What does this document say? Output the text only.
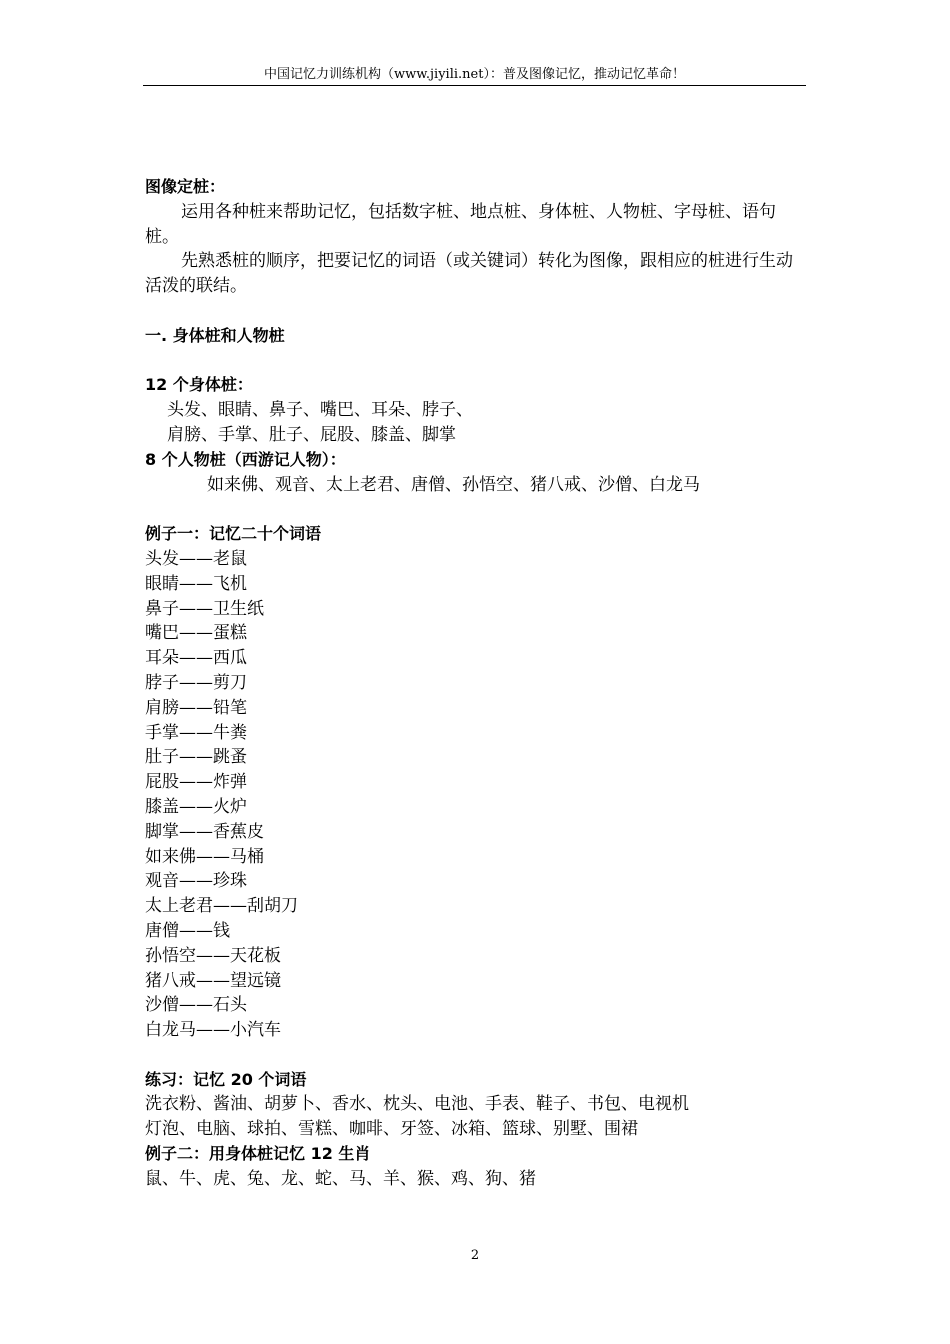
中国记忆力训练机构（www.jiyili.net）：普及图像记忆，推动记忆革命！

图像定桩：

运用各种桩来帮助记忆，包括数字桩、地点桩、身体桩、人物桩、字母桩、语句桩。

先熟悉桩的顺序，把要记忆的词语（或关键词）转化为图像，跟相应的桩进行生动活泼的联结。

一. 身体桩和人物桩

12 个身体桩：

头发、眼睛、鼻子、嘴巴、耳朵、脖子、

肩膀、手掌、肚子、屁股、膝盖、脚掌

8 个人物桩（西游记人物）：

如来佛、观音、太上老君、唐僧、孙悟空、猪八戒、沙僧、白龙马

例子一：记忆二十个词语

头发——老鼠

眼睛——飞机

鼻子——卫生纸

嘴巴——蛋糕

耳朵——西瓜

脖子——剪刀

肩膀——铅笔

手掌——牛粪

肚子——跳蚤

屁股——炸弹

膝盖——火炉

脚掌——香蕉皮

如来佛——马桶

观音——珍珠

太上老君——刮胡刀

唐僧——钱

孙悟空——天花板

猪八戒——望远镜

沙僧——石头

白龙马——小汽车

练习：记忆 20 个词语

洗衣粉、酱油、胡萝卜、香水、枕头、电池、手表、鞋子、书包、电视机

灯泡、电脑、球拍、雪糕、咖啡、牙签、冰箱、篮球、别墅、围裙

例子二：用身体桩记忆 12 生肖

鼠、牛、虎、兔、龙、蛇、马、羊、猴、鸡、狗、猪

2
